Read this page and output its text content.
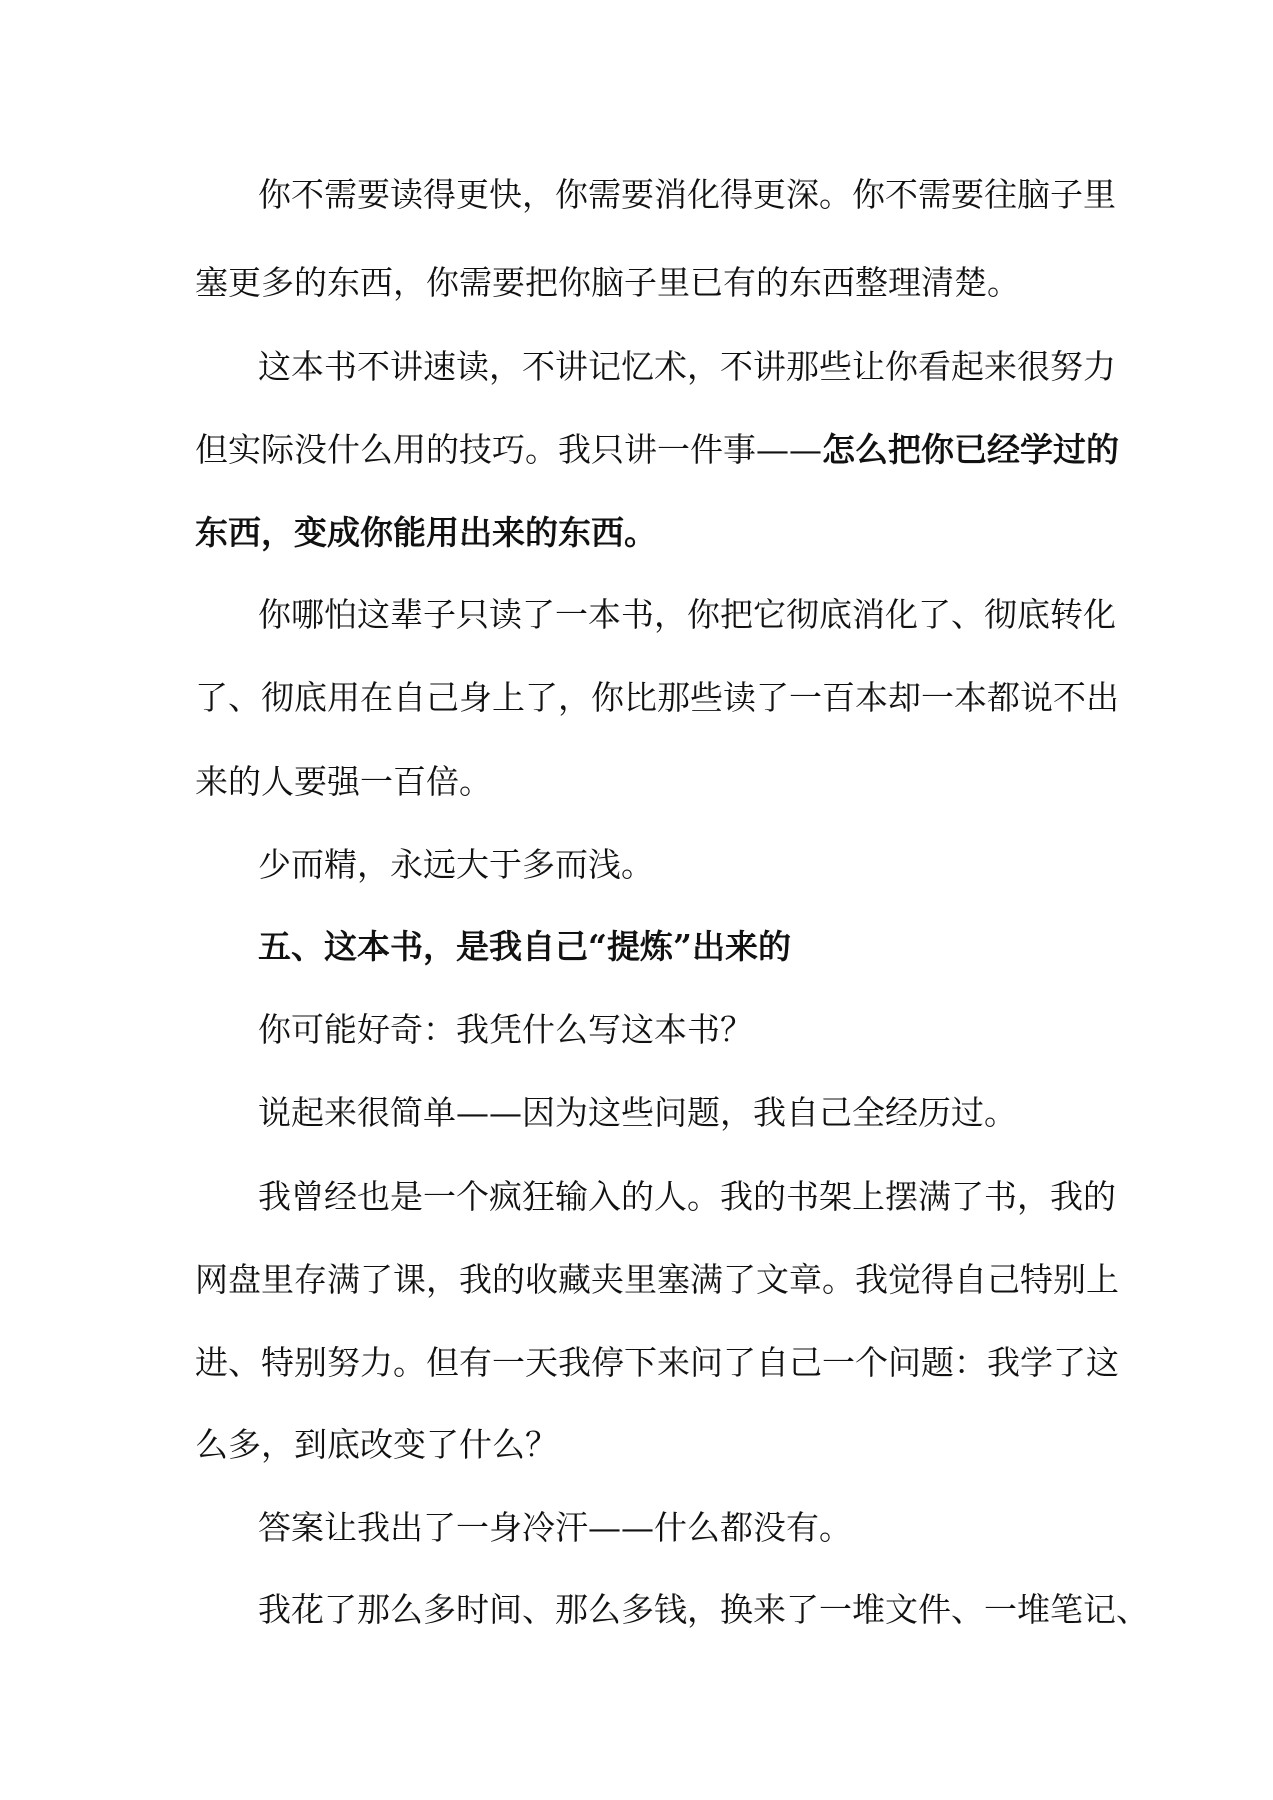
你不需要读得更快，你需要消化得更深。你不需要往脑子里
塞更多的东西，你需要把你脑子里已有的东西整理清楚。
这本书不讲速读，不讲记忆术，不讲那些让你看起来很努力
但实际没什么用的技巧。我只讲一件事——怎么把你已经学过的
东西，变成你能用出来的东西。
你哪怕这辈子只读了一本书，你把它彻底消化了、彻底转化
了、彻底用在自己身上了，你比那些读了一百本却一本都说不出
来的人要强一百倍。
少而精，永远大于多而浅。
五、这本书，是我自己“提炼”出来的
你可能好奇：我凭什么写这本书？
说起来很简单——因为这些问题，我自己全经历过。
我曾经也是一个疯狂输入的人。我的书架上摆满了书，我的
网盘里存满了课，我的收藏夹里塞满了文章。我觉得自己特别上
进、特别努力。但有一天我停下来问了自己一个问题：我学了这
么多，到底改变了什么？
答案让我出了一身冷汗——什么都没有。
我花了那么多时间、那么多钱，换来了一堆文件、一堆笔记、
